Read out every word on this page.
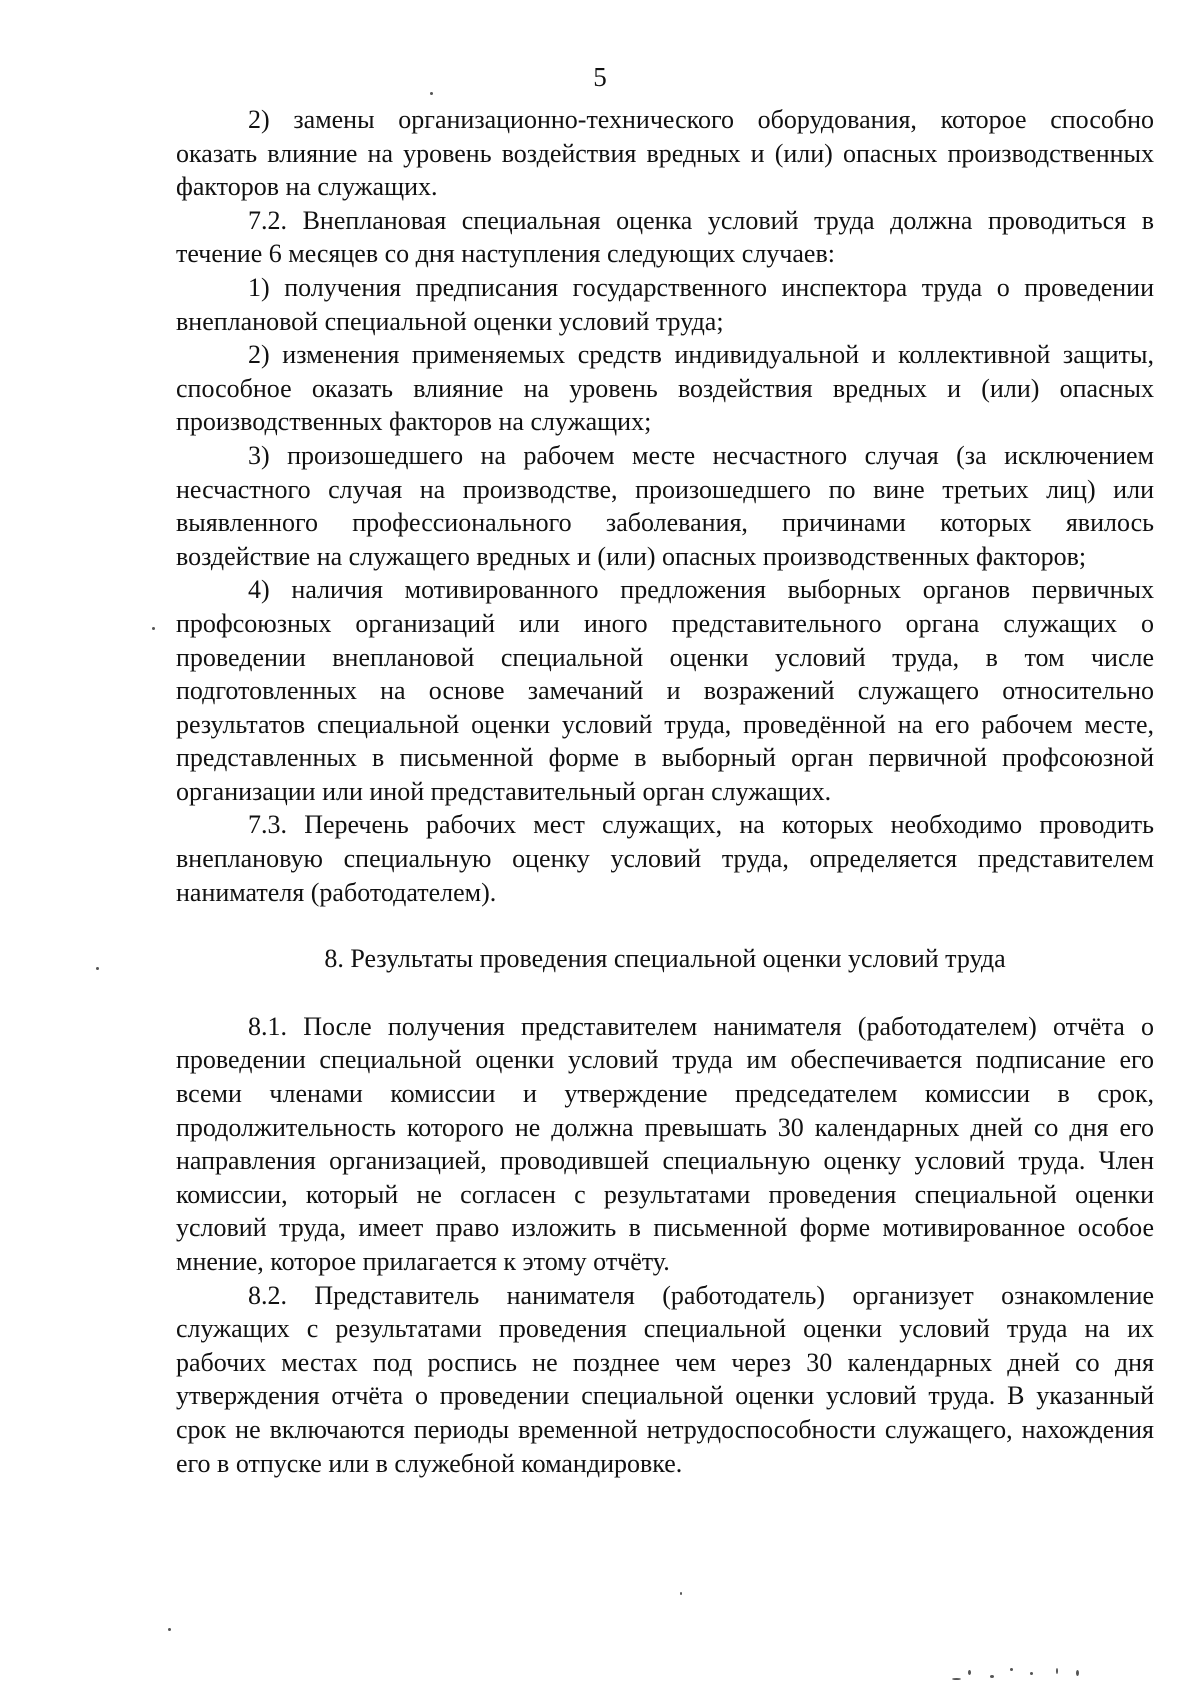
5

2) замены организационно-технического оборудования, которое способно оказать влияние на уровень воздействия вредных и (или) опасных производственных факторов на служащих.

7.2. Внеплановая специальная оценка условий труда должна проводиться в течение 6 месяцев со дня наступления следующих случаев:

1) получения предписания государственного инспектора труда о проведении внеплановой специальной оценки условий труда;

2) изменения применяемых средств индивидуальной и коллективной защиты, способное оказать влияние на уровень воздействия вредных и (или) опасных производственных факторов на служащих;

3) произошедшего на рабочем месте несчастного случая (за исключением несчастного случая на производстве, произошедшего по вине третьих лиц) или выявленного профессионального заболевания, причинами которых явилось воздействие на служащего вредных и (или) опасных производственных факторов;

4) наличия мотивированного предложения выборных органов первичных профсоюзных организаций или иного представительного органа служащих о проведении внеплановой специальной оценки условий труда, в том числе подготовленных на основе замечаний и возражений служащего относительно результатов специальной оценки условий труда, проведённой на его рабочем месте, представленных в письменной форме в выборный орган первичной профсоюзной организации или иной представительный орган служащих.

7.3. Перечень рабочих мест служащих, на которых необходимо проводить внеплановую специальную оценку условий труда, определяется представителем нанимателя (работодателем).

8. Результаты проведения специальной оценки условий труда

8.1. После получения представителем нанимателя (работодателем) отчёта о проведении специальной оценки условий труда им обеспечивается подписание его всеми членами комиссии и утверждение председателем комиссии в срок, продолжительность которого не должна превышать 30 календарных дней со дня его направления организацией, проводившей специальную оценку условий труда. Член комиссии, который не согласен с результатами проведения специальной оценки условий труда, имеет право изложить в письменной форме мотивированное особое мнение, которое прилагается к этому отчёту.

8.2. Представитель нанимателя (работодатель) организует ознакомление служащих с результатами проведения специальной оценки условий труда на их рабочих местах под роспись не позднее чем через 30 календарных дней со дня утверждения отчёта о проведении специальной оценки условий труда. В указанный срок не включаются периоды временной нетрудоспособности служащего, нахождения его в отпуске или в служебной командировке.
